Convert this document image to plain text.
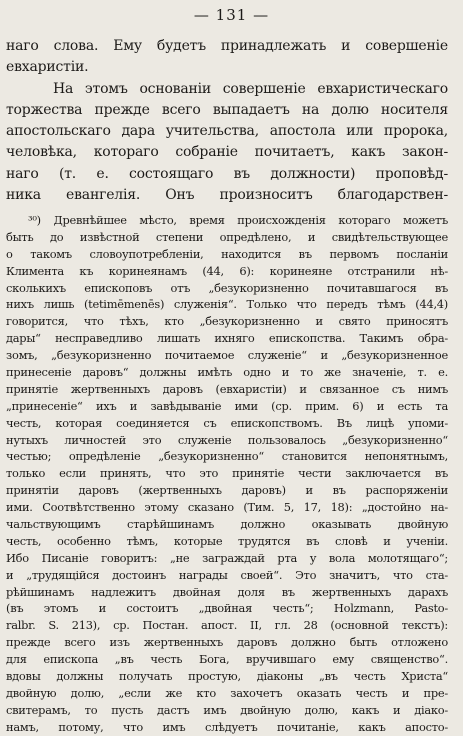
— 131 —
наго слова. Ему будетъ принадлежать и совершеніе
евхаристіи.
На этомъ основаніи совершеніе евхаристическаго
торжества прежде всего выпадаетъ на долю носителя
апостольскаго дара учительства, апостола или пророка,
человѣка, котораго собраніе почитаетъ, какъ закон-
наго (т. е. состоящаго въ должности) проповѣд-
ника евангелія. Онъ произноситъ благодарствен-
³⁰) Древнѣйшее мѣсто, время происхожденія котораго можетъ
быть до извѣстной степени опредѣлено, и свидѣтельствующее
о такомъ словоупотребленіи, находится въ первомъ посланіи
Климента къ коринеянамъ (44, 6): коринеяне отстранили нѣ-
сколькихъ епископовъ отъ „безукоризненно почитавшагося въ
нихъ лишь (tetimēmenēs) служенія“. Только что передъ тѣмъ (44,4)
говорится, что тѣхъ, кто „безукоризненно и свято приносятъ
дары“ несправедливо лишать ихняго епископства. Такимъ обра-
зомъ, „безукоризненно почитаемое служеніе“ и „безукоризненное
принесеніе даровъ“ должны имѣть одно и то же значеніе, т. е.
принятіе жертвенныхъ даровъ (евхаристіи) и связанное съ нимъ
„принесеніе“ ихъ и завѣдываніе ими (ср. прим. 6) и есть та
честь, которая соединяется съ епископствомъ. Въ лицѣ упоми-
нутыхъ личностей это служеніе пользовалось „безукоризненно“
честью; опредѣленіе „безукоризненно“ становится непонятнымъ,
только если принять, что это принятіе чести заключается въ
принятіи даровъ (жертвенныхъ даровъ) и въ распоряженіи
ими. Соотвѣтственно этому сказано (Тим. 5, 17, 18): „достойно на-
чальствующимъ старѣйшинамъ должно оказывать двойную
честь, особенно тѣмъ, которые трудятся въ словѣ и ученіи.
Ибо Писаніе говоритъ: „не заграждай рта у вола молотящаго“;
и „трудящійся достоинъ награды своей“. Это значитъ, что ста-
рѣйшинамъ надлежитъ двойная доля въ жертвенныхъ дарахъ
(въ этомъ и состоитъ „двойная честь“; Holzmann, Pasto-
ralbr. S. 213), ср. Постан. апост. II, гл. 28 (основной текстъ):
прежде всего изъ жертвенныхъ даровъ должно быть отложено
для епископа „въ честь Бога, вручившаго ему священство“.
вдовы должны получать простую, діаконы „въ честь Христа“
двойную долю, „если же кто захочетъ оказать честь и пре-
свитерамъ, то пусть дастъ имъ двойную долю, какъ и діако-
намъ, потому, что имъ слѣдуетъ почитаніе, какъ апосто-
